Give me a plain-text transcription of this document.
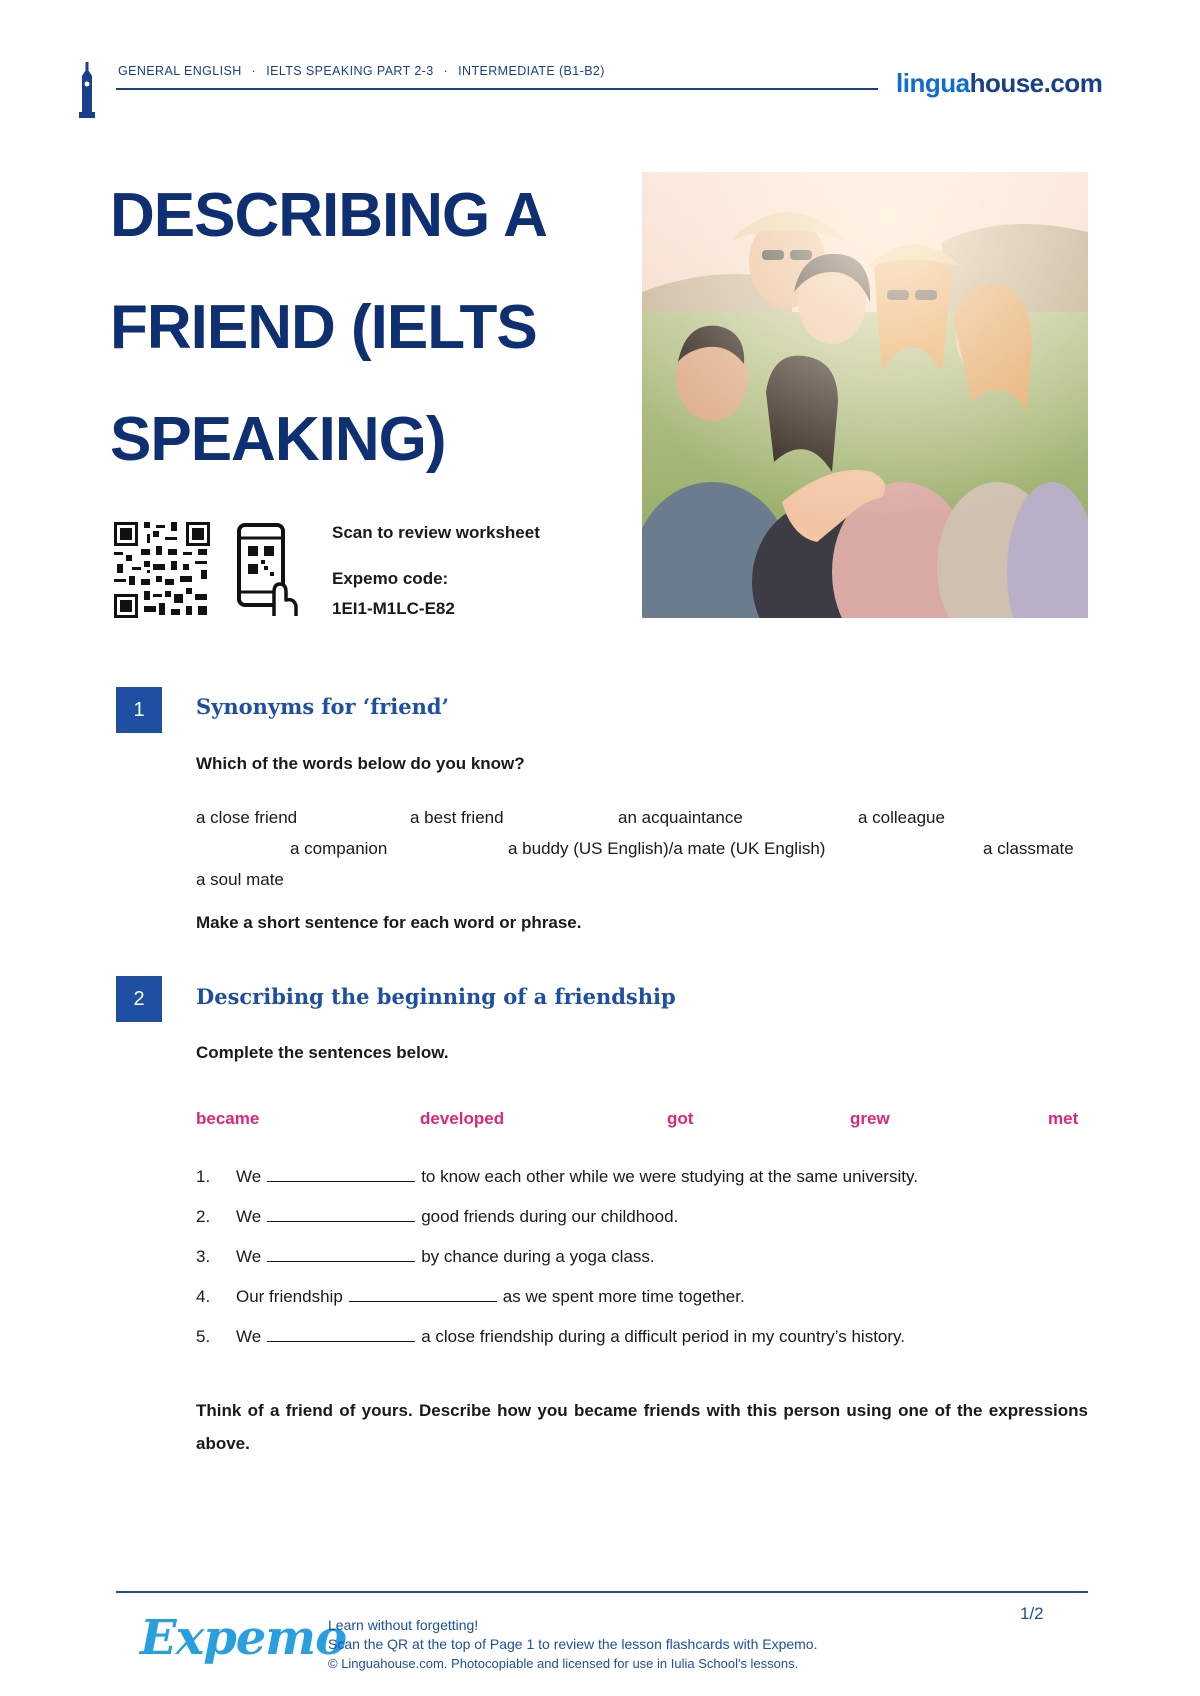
GENERAL ENGLISH · IELTS SPEAKING PART 2-3 · INTERMEDIATE (B1-B2)	linguahouse.com
DESCRIBING A
FRIEND (IELTS
SPEAKING)
Scan to review worksheet
Expemo code:
1EI1-M1LC-E82
1	Synonyms for ‘friend’
Which of the words below do you know?
a close friend	a best friend	an acquaintance	a colleague
a companion	a buddy (US English)/a mate (UK English)	a classmate
a soul mate
Make a short sentence for each word or phrase.
2	Describing the beginning of a friendship
Complete the sentences below.
became	developed	got	grew	met
1.	We	to know each other while we were studying at the same university.
2.	We	good friends during our childhood.
3.	We	by chance during a yoga class.
4.	Our friendship	as we spent more time together.
5.	We	a close friendship during a difficult period in my country’s history.
Think of a friend of yours. Describe how you became friends with this person using one of the expressions above.
Expemo
Learn without forgetting!
Scan the QR at the top of Page 1 to review the lesson flashcards with Expemo.
© Linguahouse.com. Photocopiable and licensed for use in Iulia School's lessons.
1/2
